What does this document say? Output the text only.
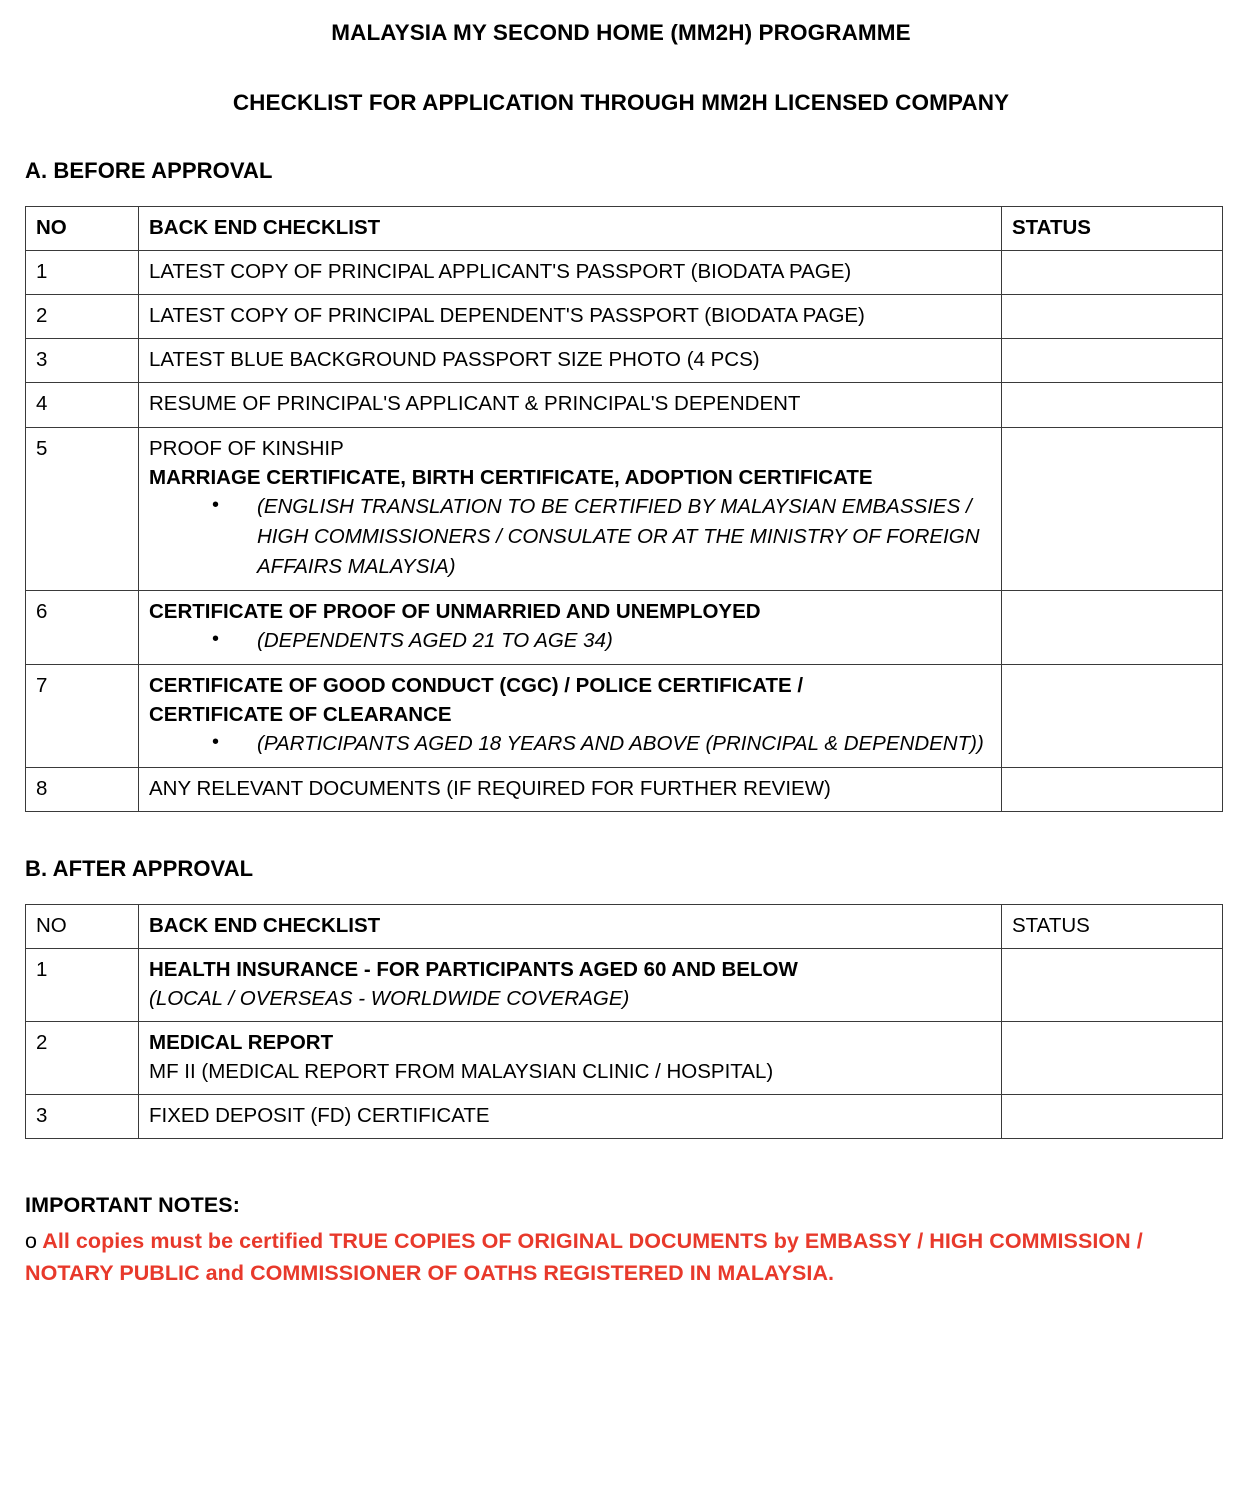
MALAYSIA MY SECOND HOME (MM2H) PROGRAMME
CHECKLIST FOR APPLICATION THROUGH MM2H LICENSED COMPANY
A. BEFORE APPROVAL
NO	BACK END CHECKLIST	STATUS
1	LATEST COPY OF PRINCIPAL APPLICANT'S PASSPORT (BIODATA PAGE)	

2	LATEST COPY OF PRINCIPAL DEPENDENT'S PASSPORT (BIODATA PAGE)	

3	LATEST BLUE BACKGROUND PASSPORT SIZE PHOTO (4 PCS)	

4	RESUME OF PRINCIPAL'S APPLICANT & PRINCIPAL'S DEPENDENT	

5	PROOF OF KINSHIP
MARRIAGE CERTIFICATE, BIRTH CERTIFICATE, ADOPTION CERTIFICATE
• (ENGLISH TRANSLATION TO BE CERTIFIED BY MALAYSIAN EMBASSIES / HIGH COMMISSIONERS / CONSULATE OR AT THE MINISTRY OF FOREIGN AFFAIRS MALAYSIA)

6	CERTIFICATE OF PROOF OF UNMARRIED AND UNEMPLOYED
• (DEPENDENTS AGED 21 TO AGE 34)

7	CERTIFICATE OF GOOD CONDUCT (CGC) / POLICE CERTIFICATE /
CERTIFICATE OF CLEARANCE
• (PARTICIPANTS AGED 18 YEARS AND ABOVE (PRINCIPAL & DEPENDENT))

8	ANY RELEVANT DOCUMENTS (IF REQUIRED FOR FURTHER REVIEW)	

B. AFTER APPROVAL
NO	BACK END CHECKLIST	STATUS
1	HEALTH INSURANCE - FOR PARTICIPANTS AGED 60 AND BELOW
(LOCAL / OVERSEAS - WORLDWIDE COVERAGE)	

2	MEDICAL REPORT
MF II (MEDICAL REPORT FROM MALAYSIAN CLINIC / HOSPITAL)	

3	FIXED DEPOSIT (FD) CERTIFICATE	

IMPORTANT NOTES:
o All copies must be certified TRUE COPIES OF ORIGINAL DOCUMENTS by EMBASSY / HIGH COMMISSION / NOTARY PUBLIC and COMMISSIONER OF OATHS REGISTERED IN MALAYSIA.
